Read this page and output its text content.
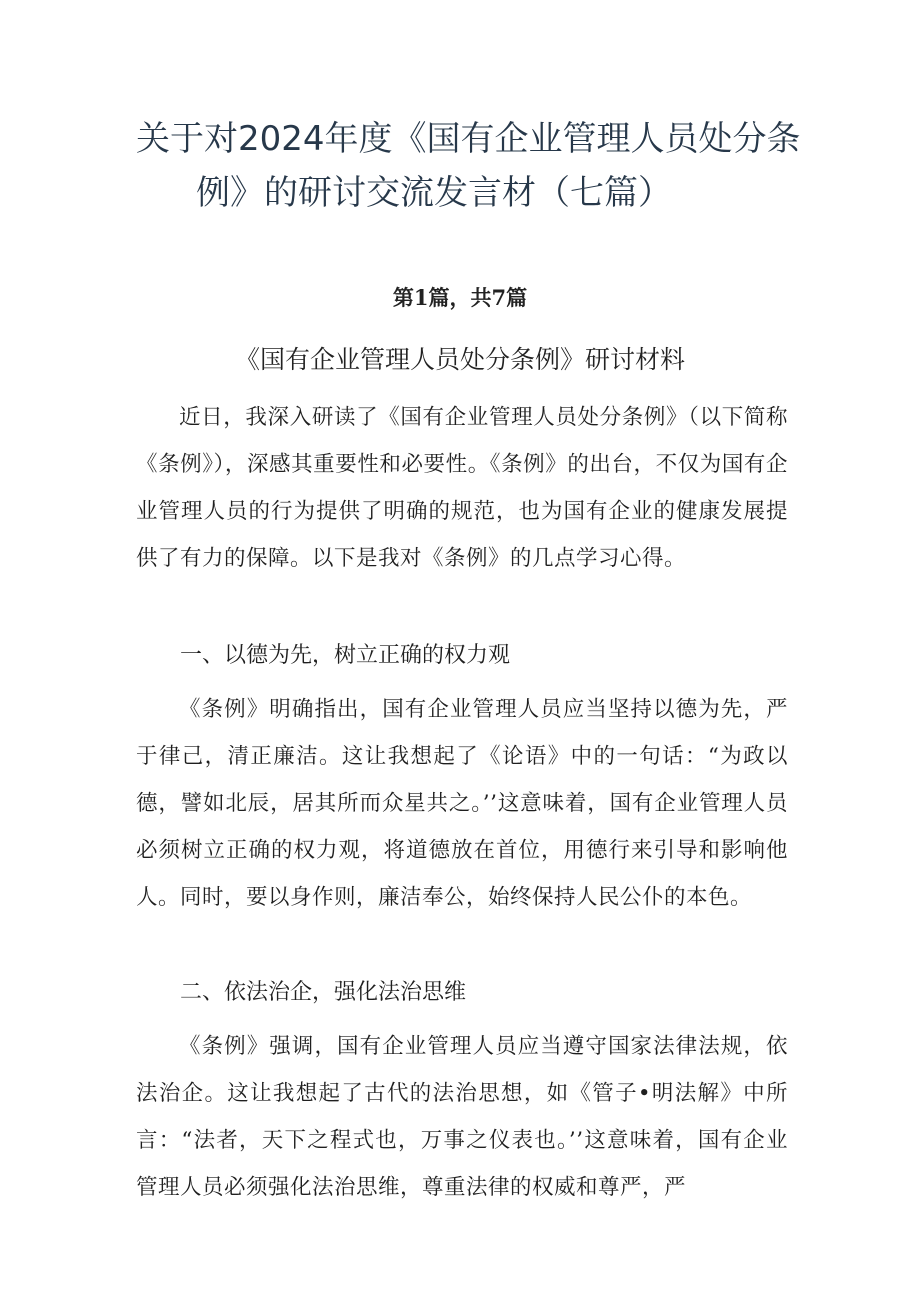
关于对2024年度《国有企业管理人员处分条
例》的研讨交流发言材（七篇）
第1篇，共7篇
《国有企业管理人员处分条例》研讨材料

近日，我深入研读了《国有企业管理人员处分条例》（以下简称《条例》），深感其重要性和必要性。《条例》的出台，不仅为国有企业管理人员的行为提供了明确的规范，也为国有企业的健康发展提供了有力的保障。以下是我对《条例》的几点学习心得。

一、以德为先，树立正确的权力观

《条例》明确指出，国有企业管理人员应当坚持以德为先，严于律己，清正廉洁。这让我想起了《论语》中的一句话：“为政以德，譬如北辰，居其所而众星共之。’’这意味着，国有企业管理人员必须树立正确的权力观，将道德放在首位，用德行来引导和影响他人。同时，要以身作则，廉洁奉公，始终保持人民公仆的本色。

二、依法治企，强化法治思维

《条例》强调，国有企业管理人员应当遵守国家法律法规，依法治企。这让我想起了古代的法治思想，如《管子•明法解》中所言：“法者，天下之程式也，万事之仪表也。’’这意味着，国有企业管理人员必须强化法治思维，尊重法律的权威和尊严，严
